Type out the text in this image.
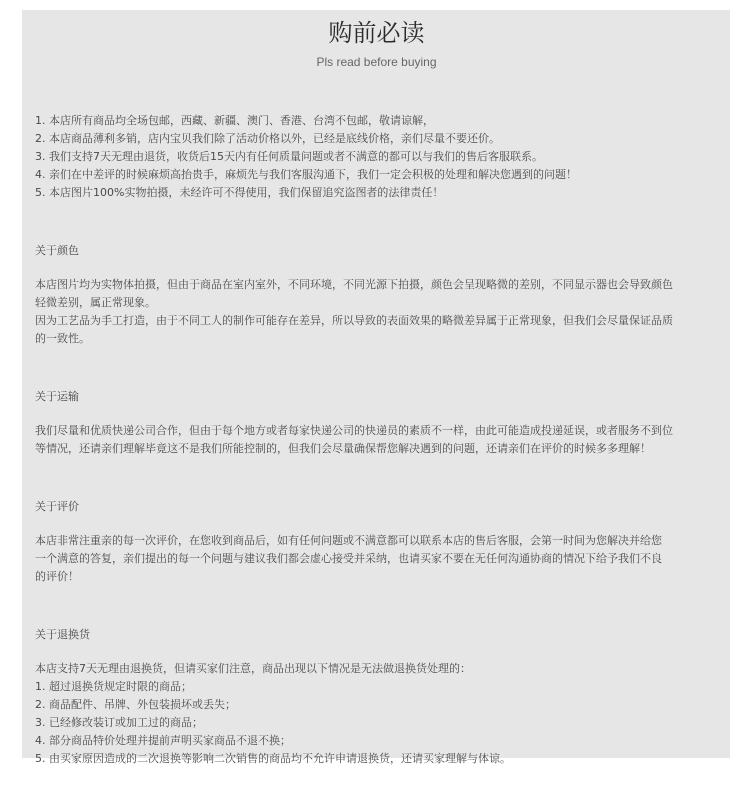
购前必读
Pls read before buying
1. 本店所有商品均全场包邮，西藏、新疆、澳门、香港、台湾不包邮，敬请谅解，
2. 本店商品薄利多销，店内宝贝我们除了活动价格以外，已经是底线价格，亲们尽量不要还价。
3. 我们支持7天无理由退货，收货后15天内有任何质量问题或者不满意的都可以与我们的售后客服联系。
4. 亲们在中差评的时候麻烦高抬贵手，麻烦先与我们客服沟通下，我们一定会积极的处理和解决您遇到的问题！
5. 本店图片100%实物拍摄，未经许可不得使用，我们保留追究盗图者的法律责任！
关于颜色

本店图片均为实物体拍摄，但由于商品在室内室外，不同环境，不同光源下拍摄，颜色会呈现略微的差别，不同显示器也会导致颜色

轻微差别，属正常现象。

因为工艺品为手工打造，由于不同工人的制作可能存在差异，所以导致的表面效果的略微差异属于正常现象，但我们会尽量保证品质

的一致性。

关于运输

我们尽量和优质快递公司合作，但由于每个地方或者每家快递公司的快递员的素质不一样，由此可能造成投递延误，或者服务不到位

等情况，还请亲们理解毕竟这不是我们所能控制的，但我们会尽量确保帮您解决遇到的问题，还请亲们在评价的时候多多理解！

关于评价

本店非常注重亲的每一次评价，在您收到商品后，如有任何问题或不满意都可以联系本店的售后客服，会第一时间为您解决并给您

一个满意的答复，亲们提出的每一个问题与建议我们都会虚心接受并采纳，也请买家不要在无任何沟通协商的情况下给予我们不良

的评价！

关于退换货

本店支持7天无理由退换货，但请买家们注意，商品出现以下情况是无法做退换货处理的：

1. 超过退换货规定时限的商品；

2. 商品配件、吊牌、外包装损坏或丢失；

3. 已经修改装订或加工过的商品；

4. 部分商品特价处理并提前声明买家商品不退不换；

5. 由买家原因造成的二次退换等影响二次销售的商品均不允许申请退换货，还请买家理解与体谅。
